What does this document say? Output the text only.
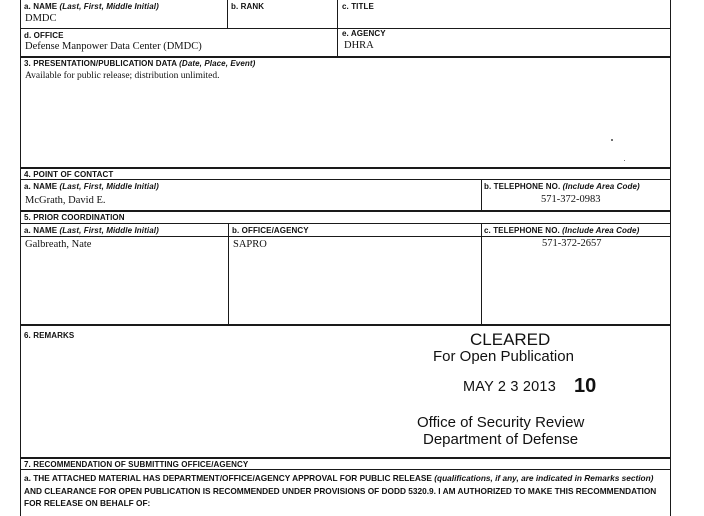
a. NAME (Last, First, Middle Initial)
DMDC
b. RANK	c. TITLE
d. OFFICE
Defense Manpower Data Center (DMDC)
e. AGENCY
DHRA
3. PRESENTATION/PUBLICATION DATA (Date, Place, Event)
Available for public release; distribution unlimited.
4. POINT OF CONTACT
a. NAME (Last, First, Middle Initial)
McGrath, David E.
b. TELEPHONE NO. (Include Area Code)
571-372-0983
5. PRIOR COORDINATION
a. NAME (Last, First, Middle Initial)
Galbreath, Nate
b. OFFICE/AGENCY
SAPRO
c. TELEPHONE NO. (Include Area Code)
571-372-2657
6. REMARKS	CLEARED
For Open Publication
MAY 2 3 2013 10
Office of Security Review
Department of Defense
7. RECOMMENDATION OF SUBMITTING OFFICE/AGENCY
a. THE ATTACHED MATERIAL HAS DEPARTMENT/OFFICE/AGENCY APPROVAL FOR PUBLIC RELEASE (qualifications, if any, are indicated in Remarks section) AND CLEARANCE FOR OPEN PUBLICATION IS RECOMMENDED UNDER PROVISIONS OF DODD 5320.9. I AM AUTHORIZED TO MAKE THIS RECOMMENDATION FOR RELEASE ON BEHALF OF:
